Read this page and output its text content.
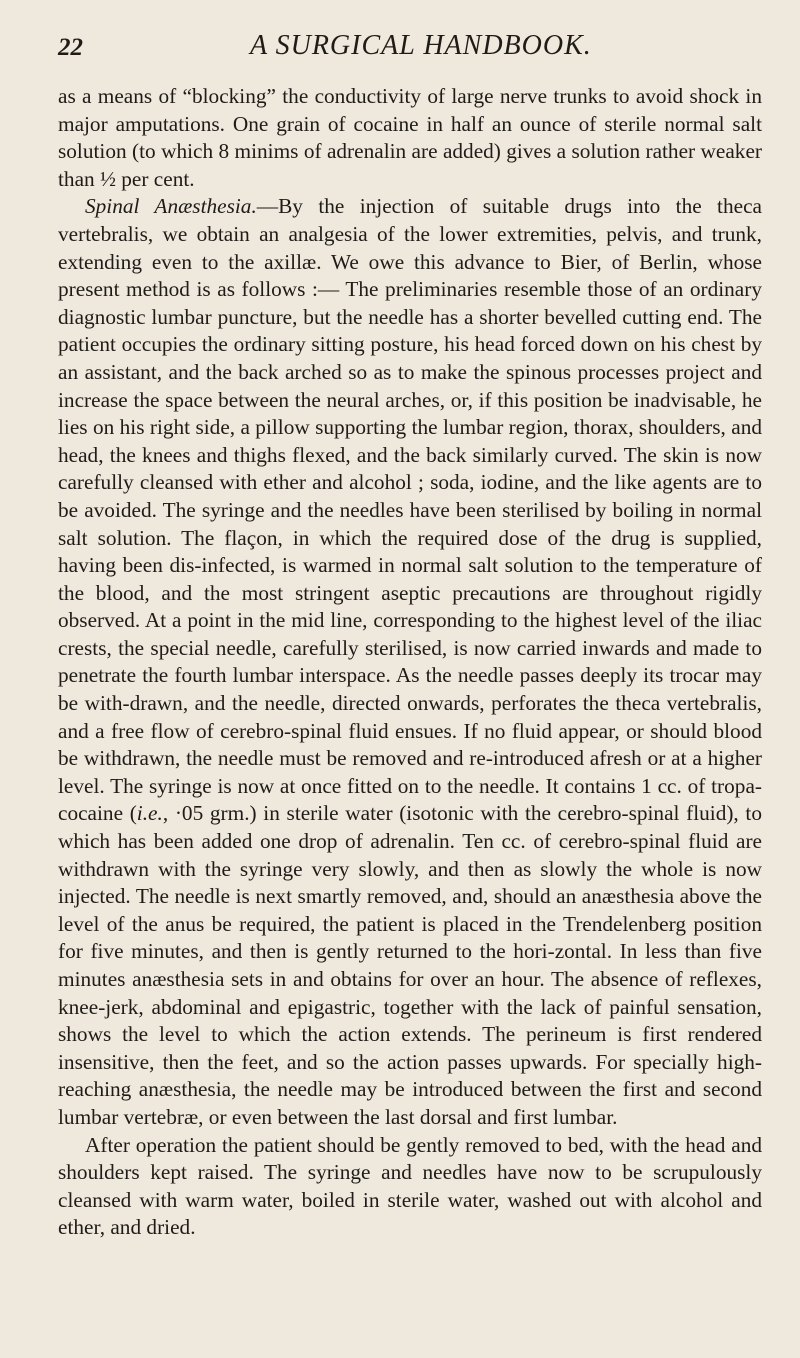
22	A SURGICAL HANDBOOK.

as a means of “blocking” the conductivity of large nerve trunks to avoid shock in major amputations. One grain of cocaine in half an ounce of sterile normal salt solution (to which 8 minims of adrenalin are added) gives a solution rather weaker than ½ per cent.

Spinal Anæsthesia.—By the injection of suitable drugs into the theca vertebralis, we obtain an analgesia of the lower extremities, pelvis, and trunk, extending even to the axillæ. We owe this advance to Bier, of Berlin, whose present method is as follows :— The preliminaries resemble those of an ordinary diagnostic lumbar puncture, but the needle has a shorter bevelled cutting end. The patient occupies the ordinary sitting posture, his head forced down on his chest by an assistant, and the back arched so as to make the spinous processes project and increase the space between the neural arches, or, if this position be inadvisable, he lies on his right side, a pillow supporting the lumbar region, thorax, shoulders, and head, the knees and thighs flexed, and the back similarly curved. The skin is now carefully cleansed with ether and alcohol ; soda, iodine, and the like agents are to be avoided. The syringe and the needles have been sterilised by boiling in normal salt solution. The flaçon, in which the required dose of the drug is supplied, having been dis-infected, is warmed in normal salt solution to the temperature of the blood, and the most stringent aseptic precautions are throughout rigidly observed. At a point in the mid line, corresponding to the highest level of the iliac crests, the special needle, carefully sterilised, is now carried inwards and made to penetrate the fourth lumbar interspace. As the needle passes deeply its trocar may be with-drawn, and the needle, directed onwards, perforates the theca vertebralis, and a free flow of cerebro-spinal fluid ensues. If no fluid appear, or should blood be withdrawn, the needle must be removed and re-introduced afresh or at a higher level. The syringe is now at once fitted on to the needle. It contains 1 cc. of tropa-cocaine (i.e., ·05 grm.) in sterile water (isotonic with the cerebro-spinal fluid), to which has been added one drop of adrenalin. Ten cc. of cerebro-spinal fluid are withdrawn with the syringe very slowly, and then as slowly the whole is now injected. The needle is next smartly removed, and, should an anæsthesia above the level of the anus be required, the patient is placed in the Trendelenberg position for five minutes, and then is gently returned to the hori-zontal. In less than five minutes anæsthesia sets in and obtains for over an hour. The absence of reflexes, knee-jerk, abdominal and epigastric, together with the lack of painful sensation, shows the level to which the action extends. The perineum is first rendered insensitive, then the feet, and so the action passes upwards. For specially high-reaching anæsthesia, the needle may be introduced between the first and second lumbar vertebræ, or even between the last dorsal and first lumbar.

After operation the patient should be gently removed to bed, with the head and shoulders kept raised. The syringe and needles have now to be scrupulously cleansed with warm water, boiled in sterile water, washed out with alcohol and ether, and dried.
